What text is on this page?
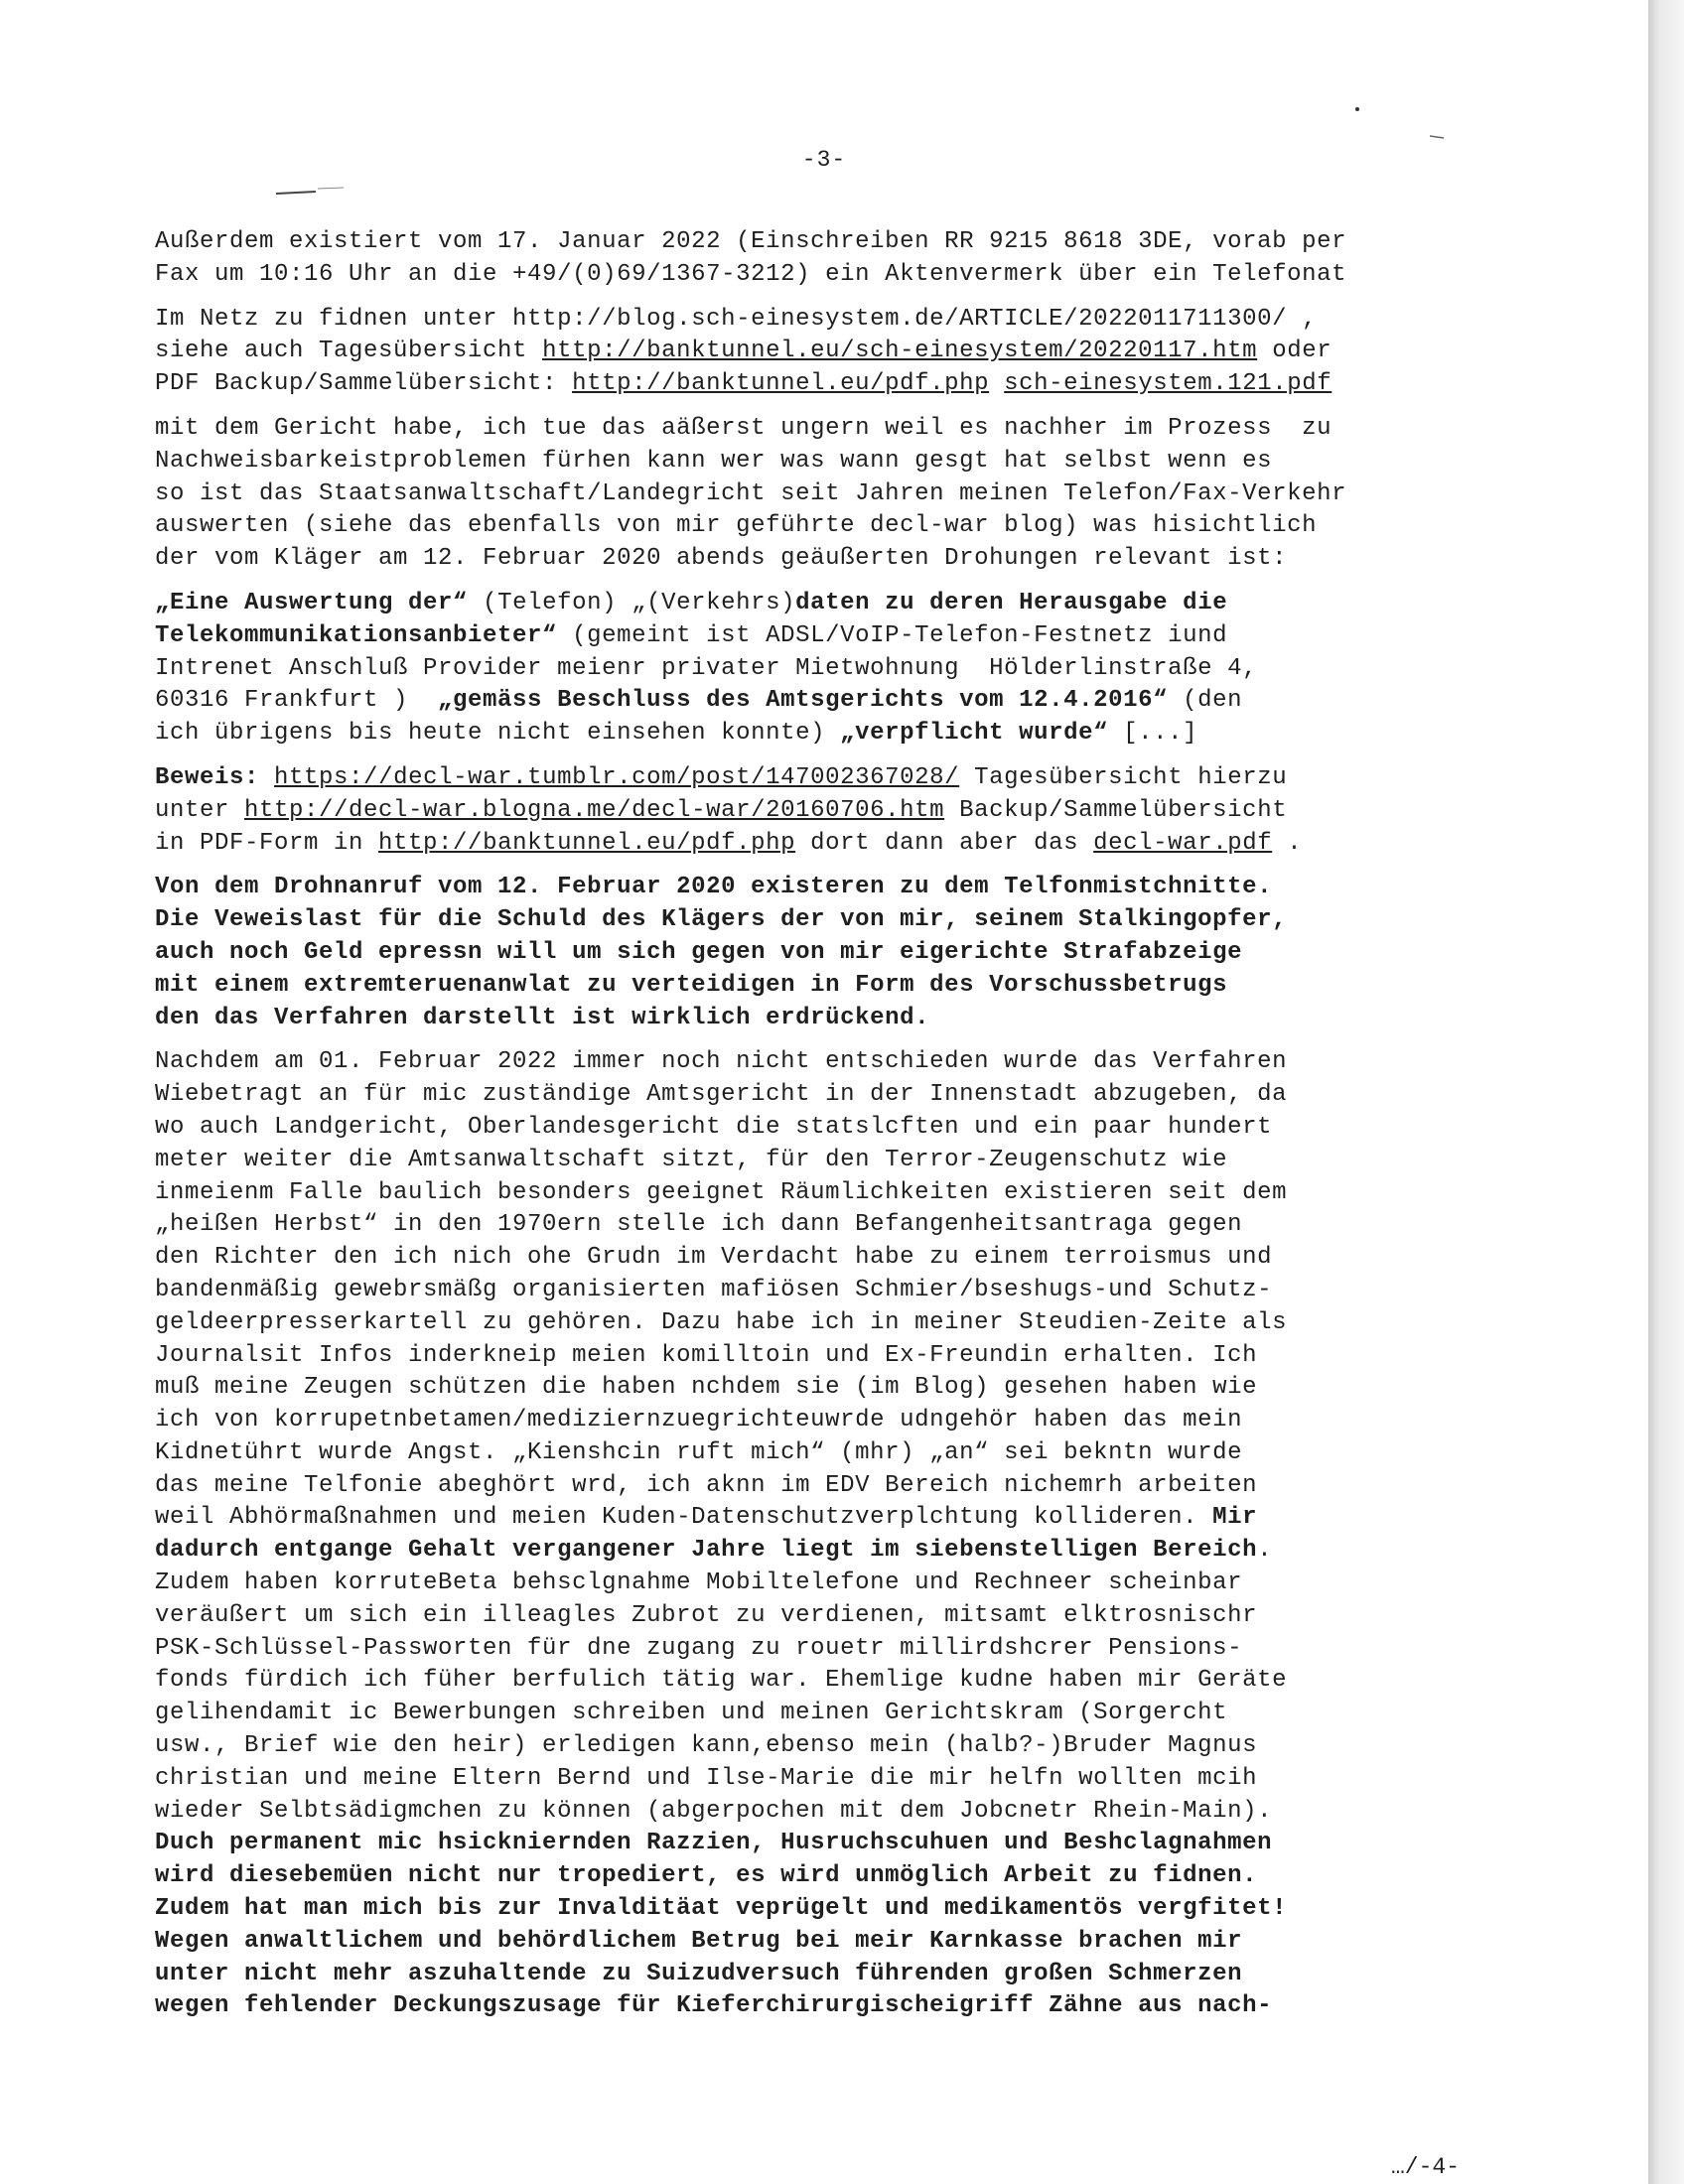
-3-
Außerdem existiert vom 17. Januar 2022 (Einschreiben RR 9215 8618 3DE, vorab per
Fax um 10:16 Uhr an die +49/(0)69/1367-3212) ein Aktenvermerk über ein Telefonat
Im Netz zu fidnen unter http://blog.sch-einesystem.de/ARTICLE/2022011711300/ ,
siehe auch Tagesübersicht http://banktunnel.eu/sch-einesystem/20220117.htm oder
PDF Backup/Sammelübersicht: http://banktunnel.eu/pdf.php sch-einesystem.121.pdf
mit dem Gericht habe, ich tue das aäßerst ungern weil es nachher im Prozess  zu
Nachweisbarkeistproblemen fürhen kann wer was wann gesgt hat selbst wenn es
so ist das Staatsanwaltschaft/Landegricht seit Jahren meinen Telefon/Fax-Verkehr
auswerten (siehe das ebenfalls von mir geführte decl-war blog) was hisichtlich
der vom Kläger am 12. Februar 2020 abends geäußerten Drohungen relevant ist:
„Eine Auswertung der“ (Telefon) „(Verkehrs)daten zu deren Herausgabe die
Telekommunikationsanbieter“ (gemeint ist ADSL/VoIP-Telefon-Festnetz iund
Intrenet Anschluß Provider meienr privater Mietwohnung  Hölderlinstraße 4,
60316 Frankfurt )  „gemäss Beschluss des Amtsgerichts vom 12.4.2016“ (den
ich übrigens bis heute nicht einsehen konnte) „verpflicht wurde“ [...]
Beweis: https://decl-war.tumblr.com/post/147002367028/ Tagesübersicht hierzu
unter http://decl-war.blogna.me/decl-war/20160706.htm Backup/Sammelübersicht
in PDF-Form in http://banktunnel.eu/pdf.php dort dann aber das decl-war.pdf .
Von dem Drohnanruf vom 12. Februar 2020 existeren zu dem Telfonmistchnitte.
Die Veweislast für die Schuld des Klägers der von mir, seinem Stalkingopfer,
auch noch Geld epressn will um sich gegen von mir eigerichte Strafabzeige
mit einem extremteruenanwlat zu verteidigen in Form des Vorschussbetrugs
den das Verfahren darstellt ist wirklich erdrückend.
Nachdem am 01. Februar 2022 immer noch nicht entschieden wurde das Verfahren
Wiebetragt an für mic zuständige Amtsgericht in der Innenstadt abzugeben, da
wo auch Landgericht, Oberlandesgericht die statslcften und ein paar hundert
meter weiter die Amtsanwaltschaft sitzt, für den Terror-Zeugenschutz wie
inmeienm Falle baulich besonders geeignet Räumlichkeiten existieren seit dem
„heißen Herbst“ in den 1970ern stelle ich dann Befangenheitsantraga gegen
den Richter den ich nich ohe Grudn im Verdacht habe zu einem terroismus und
bandenmäßig gewebrsmäßg organisierten mafiösen Schmier/bseshugs-und Schutz-
geldeerpresserkartell zu gehören. Dazu habe ich in meiner Steudien-Zeite als
Journalsit Infos inderkneip meien komilltoin und Ex-Freundin erhalten. Ich
muß meine Zeugen schützen die haben nchdem sie (im Blog) gesehen haben wie
ich von korrupetnbetamen/mediziernzuegrichteuwrde udngehör haben das mein
Kidnetührt wurde Angst. „Kienshcin ruft mich“ (mhr) „an“ sei bekntn wurde
das meine Telfonie abeghört wrd, ich aknn im EDV Bereich nichemrh arbeiten
weil Abhörmaßnahmen und meien Kuden-Datenschutzverplchtung kollideren. Mir
dadurch entgange Gehalt vergangener Jahre liegt im siebenstelligen Bereich.
Zudem haben korruteBeta behsclgnahme Mobiltelefone und Rechneer scheinbar
veräußert um sich ein illeagles Zubrot zu verdienen, mitsamt elktrosnischr
PSK-Schlüssel-Passworten für dne zugang zu rouetr millirdshcrer Pensions-
fonds fürdich ich füher berfulich tätig war. Ehemlige kudne haben mir Geräte
gelihendamit ic Bewerbungen schreiben und meinen Gerichtskram (Sorgercht
usw., Brief wie den heir) erledigen kann,ebenso mein (halb?-)Bruder Magnus
christian und meine Eltern Bernd und Ilse-Marie die mir helfn wollten mcih
wieder Selbtsädigmchen zu können (abgerpochen mit dem Jobcnetr Rhein-Main).
Duch permanent mic hsickniernden Razzien, Husruchscuhuen und Beshclagnahmen
wird diesebemüen nicht nur tropediert, es wird unmöglich Arbeit zu fidnen.
Zudem hat man mich bis zur Invalditäat veprügelt und medikamentös vergfitet!
Wegen anwaltlichem und behördlichem Betrug bei meir Karnkasse brachen mir
unter nicht mehr aszuhaltende zu Suizudversuch führenden großen Schmerzen
wegen fehlender Deckungszusage für Kieferchirurgischeigriff Zähne aus nach-
…/-4-
